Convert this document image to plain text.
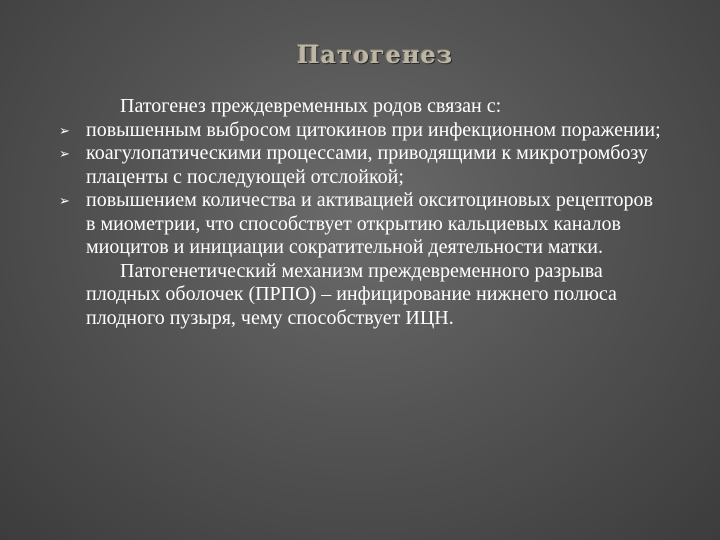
Патогенез

Патогенез преждевременных родов связан с:

➢ повышенным выбросом цитокинов при инфекционном поражении;
➢ коагулопатическими процессами, приводящими к микротромбозу плаценты с последующей отслойкой;
➢ повышением количества и активацией окситоциновых рецепторов в миометрии, что способствует открытию кальциевых каналов миоцитов и инициации сократительной деятельности матки.

Патогенетический механизм преждевременного разрыва плодных оболочек (ПРПО) – инфицирование нижнего полюса плодного пузыря, чему способствует ИЦН.
